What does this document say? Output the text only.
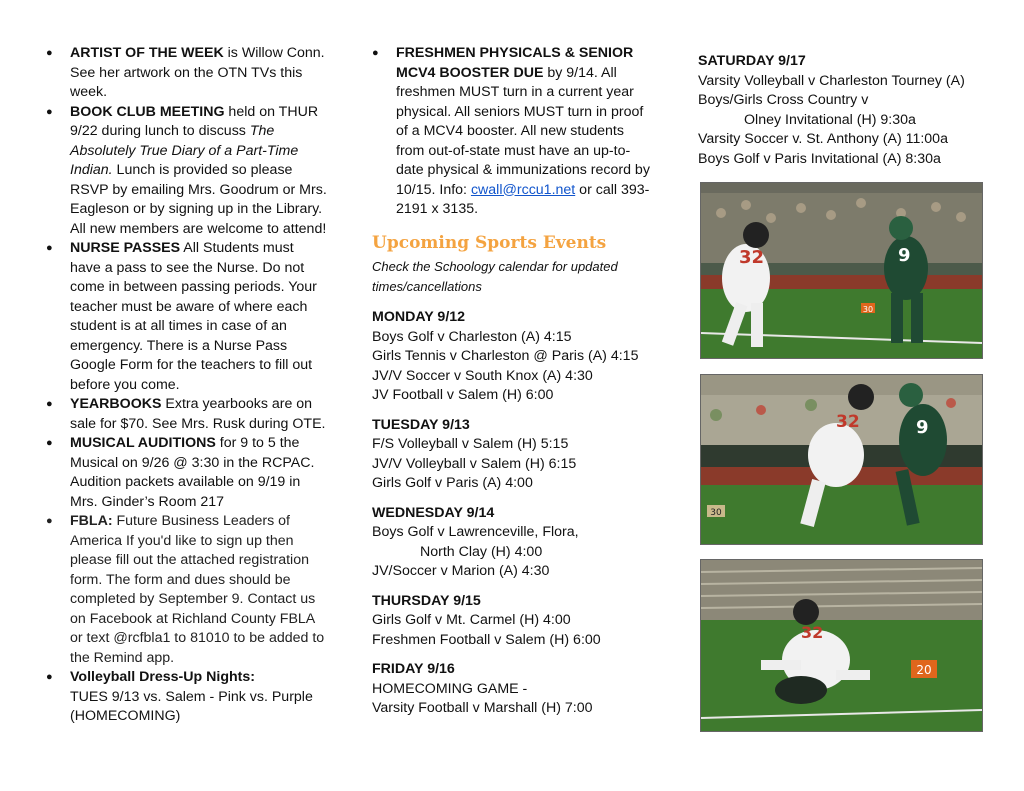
● ARTIST OF THE WEEK is Willow Conn. See her artwork on the OTN TVs this week.
● BOOK CLUB MEETING held on THUR 9/22 during lunch to discuss The Absolutely True Diary of a Part-Time Indian. Lunch is provided so please RSVP by emailing Mrs. Goodrum or Mrs. Eagleson or by signing up in the Library. All new members are welcome to attend!
● NURSE PASSES All Students must have a pass to see the Nurse. Do not come in between passing periods. Your teacher must be aware of where each student is at all times in case of an emergency. There is a Nurse Pass Google Form for the teachers to fill out before you come.
● YEARBOOKS Extra yearbooks are on sale for $70. See Mrs. Rusk during OTE.
● MUSICAL AUDITIONS for 9 to 5 the Musical on 9/26 @ 3:30 in the RCPAC. Audition packets available on 9/19 in Mrs. Ginder’s Room 217
● FBLA: Future Business Leaders of America If you'd like to sign up then please fill out the attached registration form. The form and dues should be completed by September 9. Contact us on Facebook at Richland County FBLA or text @rcfbla1 to 81010 to be added to the Remind app.
● Volleyball Dress-Up Nights:
TUES 9/13 vs. Salem - Pink vs. Purple (HOMECOMING)
● FRESHMEN PHYSICALS & SENIOR MCV4 BOOSTER DUE by 9/14. All freshmen MUST turn in a current year physical. All seniors MUST turn in proof of a MCV4 booster. All new students from out-of-state must have an up-to-date physical & immunizations record by 10/15. Info: cwall@rccu1.net or call 393-2191 x 3135.
Upcoming Sports Events
Check the Schoology calendar for updated times/cancellations
MONDAY 9/12
Boys Golf v Charleston (A) 4:15
Girls Tennis v Charleston @ Paris (A) 4:15
JV/V Soccer v South Knox (A) 4:30
JV Football v Salem (H) 6:00
TUESDAY 9/13
F/S Volleyball v Salem (H) 5:15
JV/V Volleyball v Salem (H) 6:15
Girls Golf v Paris (A) 4:00
WEDNESDAY 9/14
Boys Golf v Lawrenceville, Flora,
North Clay (H) 4:00
JV/Soccer v Marion (A) 4:30
THURSDAY 9/15
Girls Golf v Mt. Carmel (H) 4:00
Freshmen Football v Salem (H) 6:00
FRIDAY 9/16
HOMECOMING GAME -
Varsity Football v Marshall (H) 7:00
SATURDAY 9/17
Varsity Volleyball v Charleston Tourney (A)
Boys/Girls Cross Country v
Olney Invitational (H) 9:30a
Varsity Soccer v. St. Anthony (A) 11:00a
Boys Golf v Paris Invitational (A) 8:30a
30
32	9
30
32	9
20
32
